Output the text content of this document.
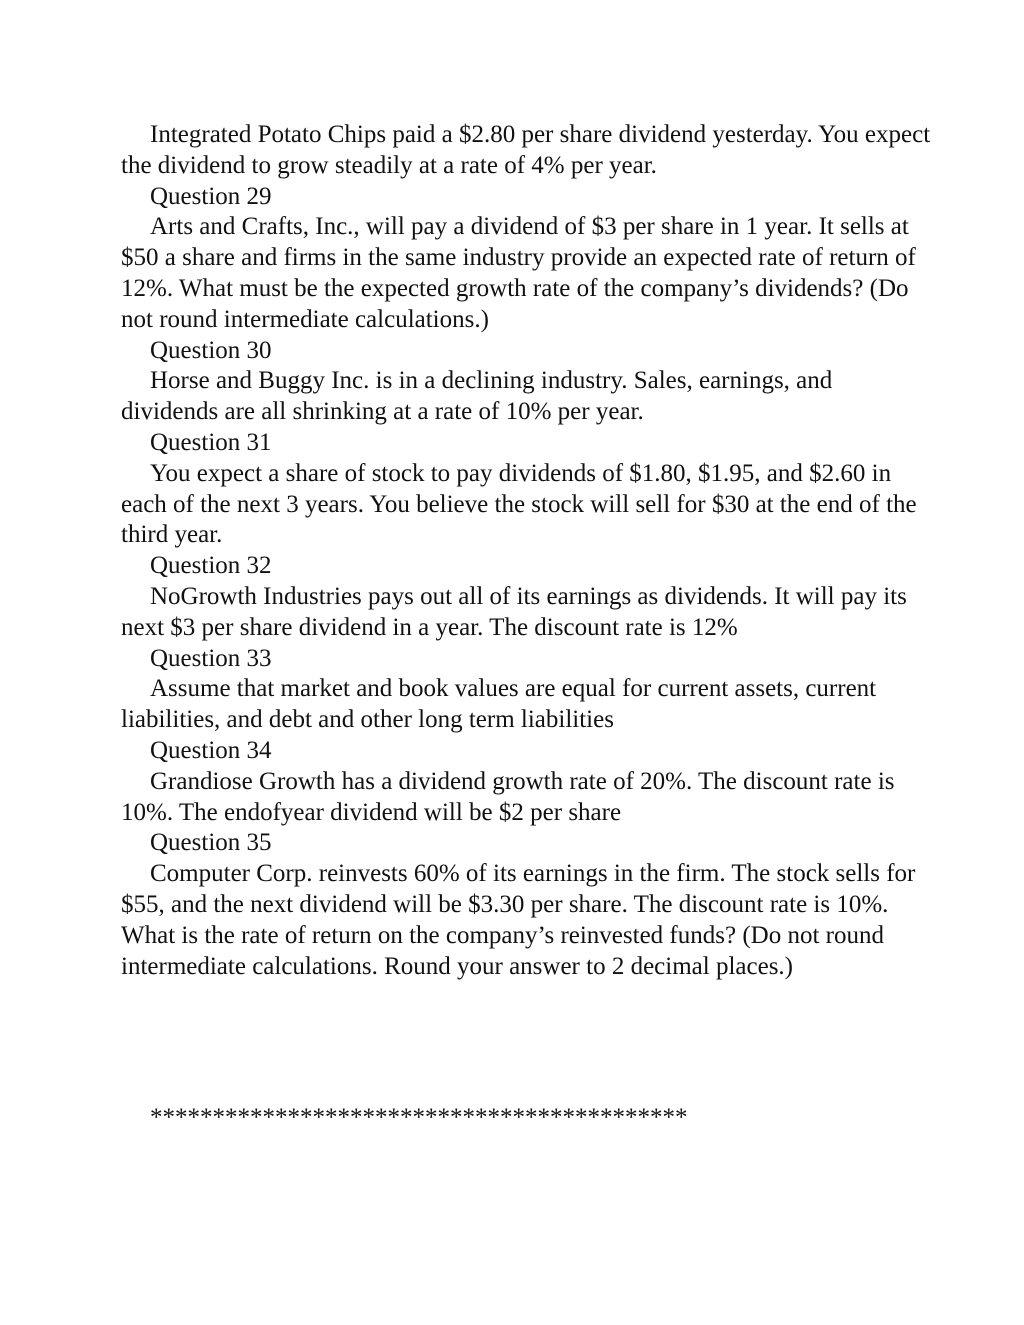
Integrated Potato Chips paid a $2.80 per share dividend yesterday. You expect the dividend to grow steadily at a rate of 4% per year.

Question 29

Arts and Crafts, Inc., will pay a dividend of $3 per share in 1 year. It sells at $50 a share and firms in the same industry provide an expected rate of return of 12%. What must be the expected growth rate of the company’s dividends? (Do not round intermediate calculations.)

Question 30

Horse and Buggy Inc. is in a declining industry. Sales, earnings, and dividends are all shrinking at a rate of 10% per year.

Question 31

You expect a share of stock to pay dividends of $1.80, $1.95, and $2.60 in each of the next 3 years. You believe the stock will sell for $30 at the end of the third year.

Question 32

NoGrowth Industries pays out all of its earnings as dividends. It will pay its next $3 per share dividend in a year. The discount rate is 12%

Question 33

Assume that market and book values are equal for current assets, current liabilities, and debt and other long term liabilities

Question 34

Grandiose Growth has a dividend growth rate of 20%. The discount rate is 10%. The endofyear dividend will be $2 per share

Question 35

Computer Corp. reinvests 60% of its earnings in the firm. The stock sells for $55, and the next dividend will be $3.30 per share. The discount rate is 10%. What is the rate of return on the company’s reinvested funds? (Do not round intermediate calculations. Round your answer to 2 decimal places.)

*******************************************
